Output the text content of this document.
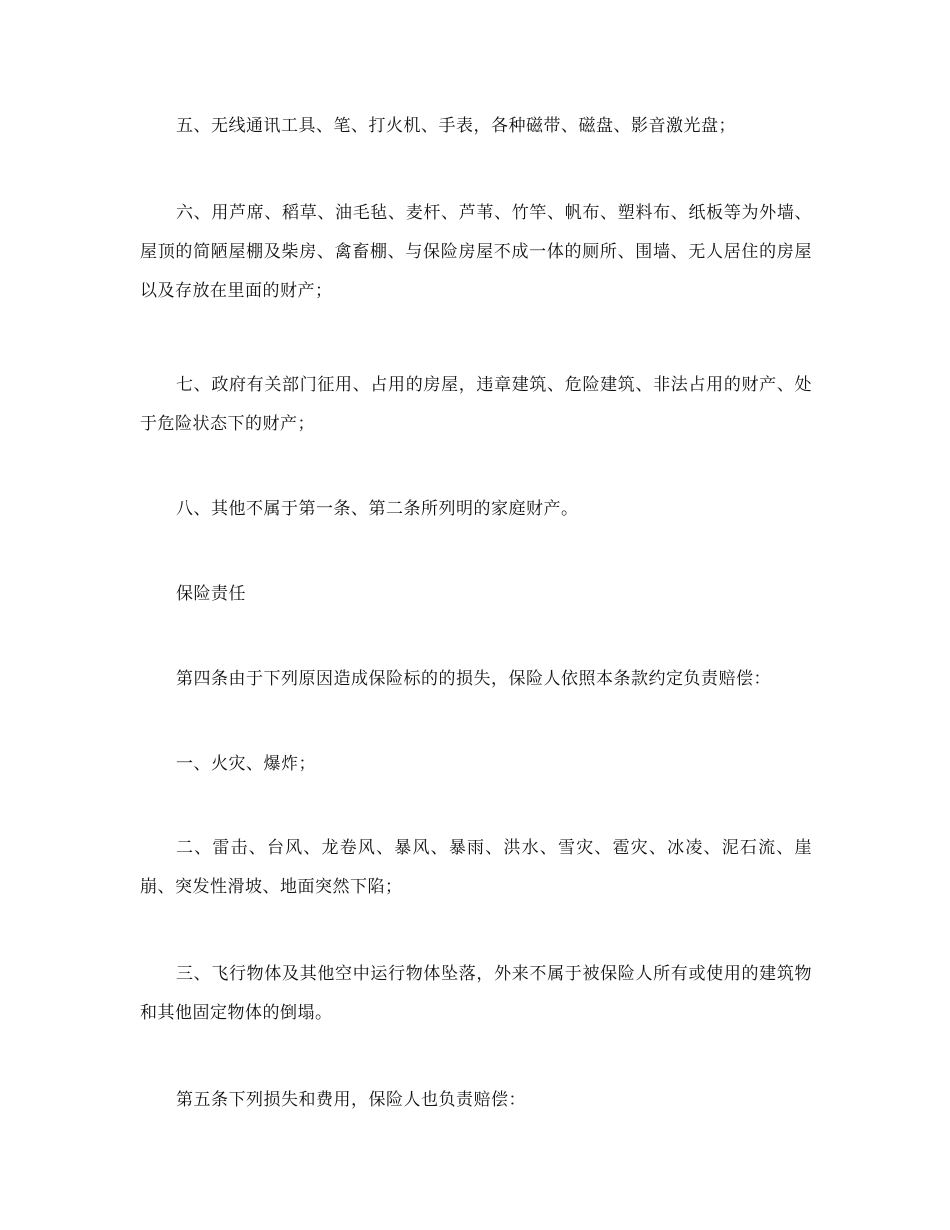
五、无线通讯工具、笔、打火机、手表，各种磁带、磁盘、影音激光盘；

六、用芦席、稻草、油毛毡、麦杆、芦苇、竹竿、帆布、塑料布、纸板等为外墙、屋顶的简陋屋棚及柴房、禽畜棚、与保险房屋不成一体的厕所、围墙、无人居住的房屋以及存放在里面的财产；

七、政府有关部门征用、占用的房屋，违章建筑、危险建筑、非法占用的财产、处于危险状态下的财产；

八、其他不属于第一条、第二条所列明的家庭财产。

保险责任

第四条由于下列原因造成保险标的的损失，保险人依照本条款约定负责赔偿：

一、火灾、爆炸；

二、雷击、台风、龙卷风、暴风、暴雨、洪水、雪灾、雹灾、冰凌、泥石流、崖崩、突发性滑坡、地面突然下陷；

三、飞行物体及其他空中运行物体坠落，外来不属于被保险人所有或使用的建筑物和其他固定物体的倒塌。

第五条下列损失和费用，保险人也负责赔偿：
